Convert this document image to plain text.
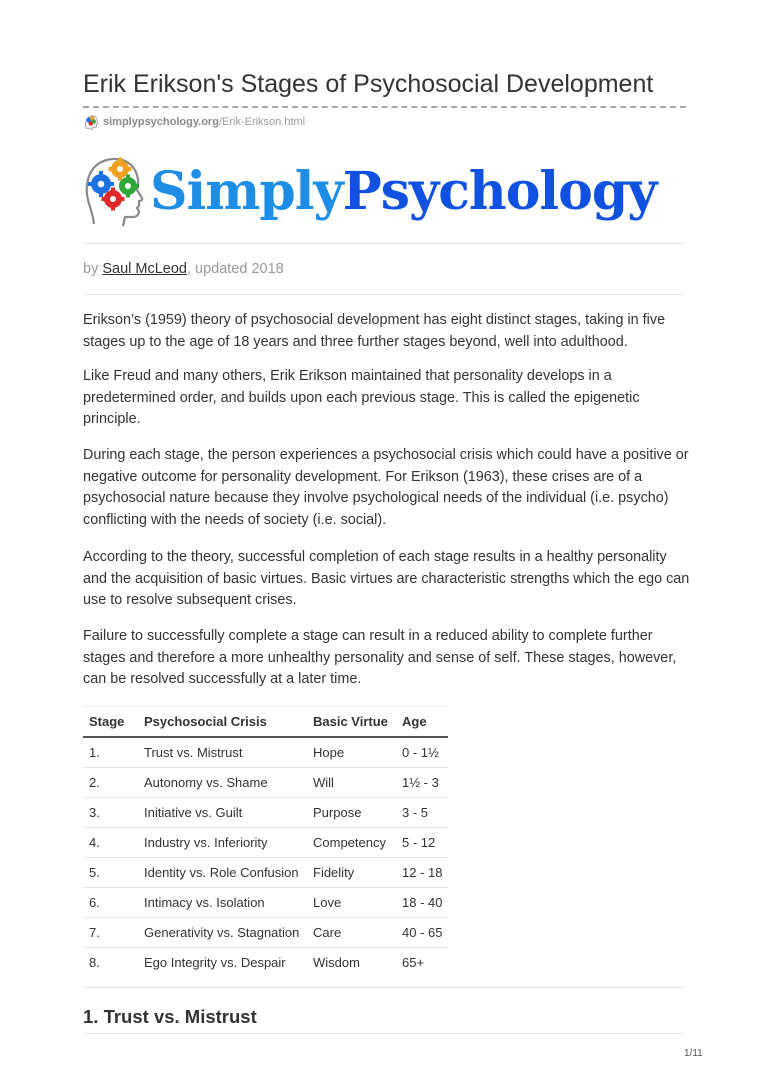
Erik Erikson's Stages of Psychosocial Development
simplypsychology.org /Erik-Erikson.html
SimplyPsychology
by Saul McLeod, updated 2018

Erikson’s (1959) theory of psychosocial development has eight distinct stages, taking in five stages up to the age of 18 years and three further stages beyond, well into adulthood.

Like Freud and many others, Erik Erikson maintained that personality develops in a predetermined order, and builds upon each previous stage. This is called the epigenetic principle.

During each stage, the person experiences a psychosocial crisis which could have a positive or negative outcome for personality development. For Erikson (1963), these crises are of a psychosocial nature because they involve psychological needs of the individual (i.e. psycho) conflicting with the needs of society (i.e. social).

According to the theory, successful completion of each stage results in a healthy personality and the acquisition of basic virtues. Basic virtues are characteristic strengths which the ego can use to resolve subsequent crises.

Failure to successfully complete a stage can result in a reduced ability to complete further stages and therefore a more unhealthy personality and sense of self. These stages, however, can be resolved successfully at a later time.

Stage	Psychosocial Crisis	Basic Virtue	Age
1.	Trust vs. Mistrust	Hope	0 - 1½
2.	Autonomy vs. Shame	Will	1½ - 3
3.	Initiative vs. Guilt	Purpose	3 - 5
4.	Industry vs. Inferiority	Competency	5 - 12
5.	Identity vs. Role Confusion	Fidelity	12 - 18
6.	Intimacy vs. Isolation	Love	18 - 40
7.	Generativity vs. Stagnation	Care	40 - 65
8.	Ego Integrity vs. Despair	Wisdom	65+
1. Trust vs. Mistrust
1/11
